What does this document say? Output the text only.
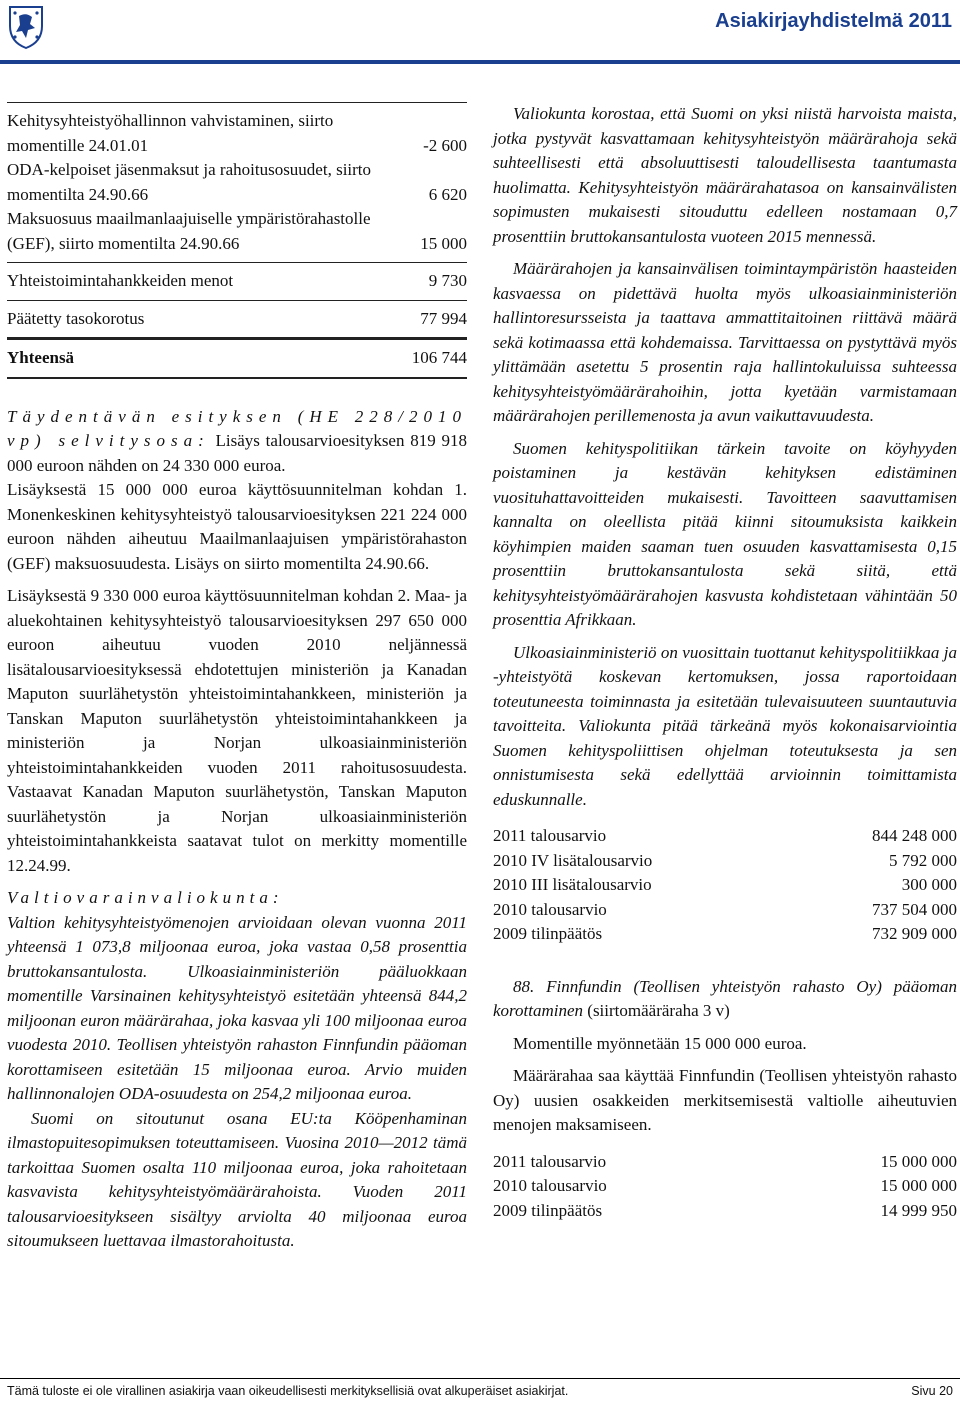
Asiakirjayhdistelmä 2011
Kehitysyhteistyöhallinnon vahvistaminen, siirto momentille 24.01.01	-2 600
ODA-kelpoiset jäsenmaksut ja rahoitusosuudet, siirto momentilta 24.90.66	6 620
Maksuosuus maailmanlaajuiselle ympäristörahastolle (GEF), siirto momentilta 24.90.66	15 000
Yhteistoimintahankkeiden menot	9 730
Päätetty tasokorotus	77 994
Yhteensä	106 744

Täydentävän esityksen (HE 228/2010 vp) selvitysosa: Lisäys talousarvioesityksen 819 918 000 euroon nähden on 24 330 000 euroa.

Lisäyksestä 15 000 000 euroa käyttösuunnitelman kohdan 1. Monenkeskinen kehitysyhteistyö talousarvioesityksen 221 224 000 euroon nähden aiheutuu Maailmanlaajuisen ympäristörahaston (GEF) maksuosuudesta. Lisäys on siirto momentilta 24.90.66.

Lisäyksestä 9 330 000 euroa käyttösuunnitelman kohdan 2. Maa- ja aluekohtainen kehitysyhteistyö talousarvioesityksen 297 650 000 euroon aiheutuu vuoden 2010 neljännessä lisätalousarvioesityksessä ehdotettujen ministeriön ja Kanadan Maputon suurlähetystön yhteistoimintahankkeen, ministeriön ja Tanskan Maputon suurlähetystön yhteistoimintahankkeen ja ministeriön ja Norjan ulkoasiainministeriön yhteistoimintahankkeiden vuoden 2011 rahoitusosuudesta. Vastaavat Kanadan Maputon suurlähetystön, Tanskan Maputon suurlähetystön ja Norjan ulkoasiainministeriön yhteistoimintahankkeista saatavat tulot on merkitty momentille 12.24.99.

Valtiovarainvaliokunta:

Valtion kehitysyhteistyömenojen arvioidaan olevan vuonna 2011 yhteensä 1 073,8 miljoonaa euroa, joka vastaa 0,58 prosenttia bruttokansantulosta. Ulkoasiainministeriön pääluokkaan momentille Varsinainen kehitysyhteistyö esitetään yhteensä 844,2 miljoonan euron määrärahaa, joka kasvaa yli 100 miljoonaa euroa vuodesta 2010. Teollisen yhteistyön rahaston Finnfundin pääoman korottamiseen esitetään 15 miljoonaa euroa. Arvio muiden hallinnonalojen ODA-osuudesta on 254,2 miljoonaa euroa.

Suomi on sitoutunut osana EU:ta Kööpenhaminan ilmastopuitesopimuksen toteuttamiseen. Vuosina 2010—2012 tämä tarkoittaa Suomen osalta 110 miljoonaa euroa, joka rahoitetaan kasvavista kehitysyhteistyömäärärahoista. Vuoden 2011 talousarvioesitykseen sisältyy arviolta 40 miljoonaa euroa sitoumukseen luettavaa ilmastorahoitusta.

Valiokunta korostaa, että Suomi on yksi niistä harvoista maista, jotka pystyvät kasvattamaan kehitysyhteistyön määrärahoja sekä suhteellisesti että absoluuttisesti taloudellisesta taantumasta huolimatta. Kehitysyhteistyön määrärahatasoa on kansainvälisten sopimusten mukaisesti sitouduttu edelleen nostamaan 0,7 prosenttiin bruttokansantulosta vuoteen 2015 mennessä.

Määrärahojen ja kansainvälisen toimintaympäristön haasteiden kasvaessa on pidettävä huolta myös ulkoasiainministeriön hallintoresursseista ja taattava ammattitaitoinen riittävä määrä sekä kotimaassa että kohdemaissa. Tarvittaessa on pystyttävä myös ylittämään asetettu 5 prosentin raja hallintokuluissa suhteessa kehitysyhteistyömäärärahoihin, jotta kyetään varmistamaan määrärahojen perillemenosta ja avun vaikuttavuudesta.

Suomen kehityspolitiikan tärkein tavoite on köyhyyden poistaminen ja kestävän kehityksen edistäminen vuosituhattavoitteiden mukaisesti. Tavoitteen saavuttamisen kannalta on oleellista pitää kiinni sitoumuksista kaikkein köyhimpien maiden saaman tuen osuuden kasvattamisesta 0,15 prosenttiin bruttokansantulosta sekä siitä, että kehitysyhteistyömäärärahojen kasvusta kohdistetaan vähintään 50 prosenttia Afrikkaan.

Ulkoasiainministeriö on vuosittain tuottanut kehityspolitiikkaa ja -yhteistyötä koskevan kertomuksen, jossa raportoidaan toteutuneesta toiminnasta ja esitetään tulevaisuuteen suuntautuvia tavoitteita. Valiokunta pitää tärkeänä myös kokonaisarviointia Suomen kehityspoliittisen ohjelman toteutuksesta ja sen onnistumisesta sekä edellyttää arvioinnin toimittamista eduskunnalle.

2011 talousarvio	844 248 000
2010 IV lisätalousarvio	5 792 000
2010 III lisätalousarvio	300 000
2010 talousarvio	737 504 000
2009 tilinpäätös	732 909 000

88. Finnfundin (Teollisen yhteistyön rahasto Oy) pääoman korottaminen (siirtomääräraha 3 v)

Momentille myönnetään 15 000 000 euroa.

Määrärahaa saa käyttää Finnfundin (Teollisen yhteistyön rahasto Oy) uusien osakkeiden merkitsemisestä valtiolle aiheutuvien menojen maksamiseen.

2011 talousarvio	15 000 000
2010 talousarvio	15 000 000
2009 tilinpäätös	14 999 950
Tämä tuloste ei ole virallinen asiakirja vaan oikeudellisesti merkityksellisiä ovat alkuperäiset asiakirjat.	Sivu 20
